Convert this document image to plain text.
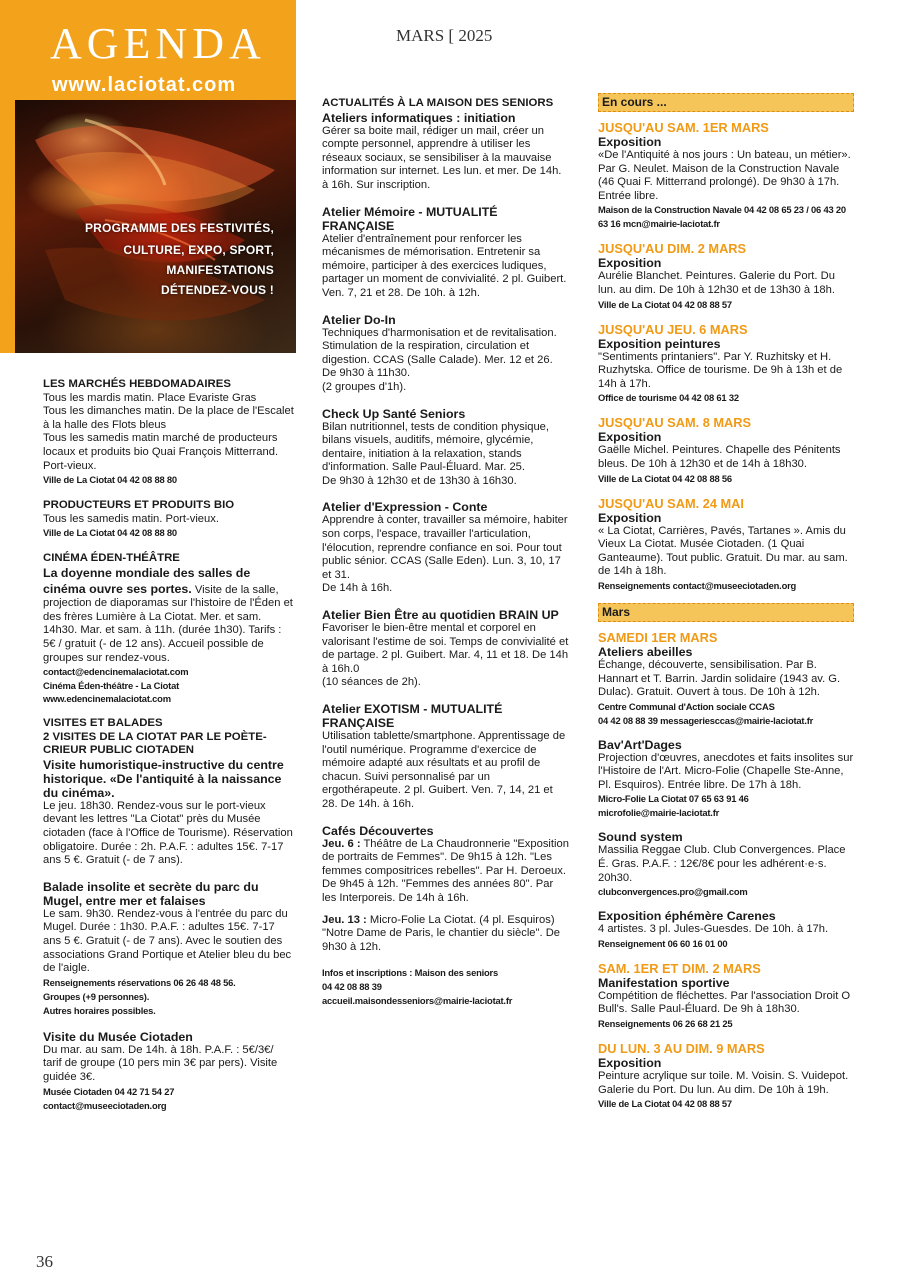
AGENDA
www.laciotat.com
PROGRAMME DES FESTIVITÉS,
CULTURE, EXPO, SPORT,
MANIFESTATIONS
DÉTENDEZ-VOUS !
MARS [ 2025
36
LES MARCHÉS HEBDOMADAIRES
Tous les mardis matin. Place Evariste Gras
Tous les dimanches matin. De la place de l'Escalet à la halle des Flots bleus
Tous les samedis matin marché de producteurs locaux et produits bio Quai François Mitterrand. Port-vieux.
Ville de La Ciotat 04 42 08 88 80
PRODUCTEURS ET PRODUITS BIO
Tous les samedis matin. Port-vieux.
Ville de La Ciotat 04 42 08 88 80
CINÉMA ÉDEN-THÉÂTRE
La doyenne mondiale des salles de cinéma ouvre ses portes. Visite de la salle, projection de diaporamas sur l'histoire de l'Éden et des frères Lumière à La Ciotat. Mer. et sam. 14h30. Mar. et sam. à 11h. (durée 1h30). Tarifs : 5€ / gratuit (- de 12 ans). Accueil possible de groupes sur rendez-vous.
contact@edencinemalaciotat.com
Cinéma Éden-théâtre - La Ciotat
www.edencinemalaciotat.com
VISITES ET BALADES
2 VISITES DE LA CIOTAT PAR LE POÈTE-CRIEUR PUBLIC CIOTADEN
Visite humoristique-instructive du centre historique. «De l'antiquité à la naissance du cinéma».
Le jeu. 18h30. Rendez-vous sur le port-vieux devant les lettres "La Ciotat" près du Musée ciotaden (face à l'Office de Tourisme). Réservation obligatoire. Durée : 2h. P.A.F. : adultes 15€. 7-17 ans 5 €. Gratuit (- de 7 ans).
Balade insolite et secrète du parc du Mugel, entre mer et falaises
Le sam. 9h30. Rendez-vous à l'entrée du parc du Mugel. Durée : 1h30. P.A.F. : adultes 15€. 7-17 ans 5 €. Gratuit (- de 7 ans). Avec le soutien des associations Grand Portique et Atelier bleu du bec de l'aigle.
Renseignements réservations 06 26 48 48 56.
Groupes (+9 personnes).
Autres horaires possibles.
Visite du Musée Ciotaden
Du mar. au sam. De 14h. à 18h. P.A.F. : 5€/3€/ tarif de groupe (10 pers min 3€ par pers). Visite guidée 3€.
Musée Ciotaden 04 42 71 54 27
contact@museeciotaden.org
ACTUALITÉS À LA MAISON DES SENIORS
Ateliers informatiques : initiation
Gérer sa boite mail, rédiger un mail, créer un compte personnel, apprendre à utiliser les réseaux sociaux, se sensibiliser à la mauvaise information sur internet. Les lun. et mer. De 14h. à 16h. Sur inscription.
Atelier Mémoire - MUTUALITÉ FRANÇAISE
Atelier d'entraînement pour renforcer les mécanismes de mémorisation. Entretenir sa mémoire, participer à des exercices ludiques, partager un moment de convivialité. 2 pl. Guibert.
Ven. 7, 21 et 28. De 10h. à 12h.
Atelier Do-In
Techniques d'harmonisation et de revitalisation. Stimulation de la respiration, circulation et digestion. CCAS (Salle Calade). Mer. 12 et 26. De 9h30 à 11h30.
(2 groupes d'1h).
Check Up Santé Seniors
Bilan nutritionnel, tests de condition physique, bilans visuels, auditifs, mémoire, glycémie, dentaire, initiation à la relaxation, stands d'information. Salle Paul-Éluard. Mar. 25.
De 9h30 à 12h30 et de 13h30 à 16h30.
Atelier d'Expression - Conte
Apprendre à conter, travailler sa mémoire, habiter son corps, l'espace, travailler l'articulation, l'élocution, reprendre confiance en soi. Pour tout public sénior. CCAS (Salle Eden). Lun. 3, 10, 17 et 31.
De 14h à 16h.
Atelier Bien Être au quotidien BRAIN UP
Favoriser le bien-être mental et corporel en valorisant l'estime de soi. Temps de convivialité et de partage. 2 pl. Guibert. Mar. 4, 11 et 18. De 14h à 16h.0
(10 séances de 2h).
Atelier EXOTISM - MUTUALITÉ FRANÇAISE
Utilisation tablette/smartphone. Apprentissage de l'outil numérique. Programme d'exercice de mémoire adapté aux résultats et au profil de chacun. Suivi personnalisé par un ergothérapeute. 2 pl. Guibert. Ven. 7, 14, 21 et 28. De 14h. à 16h.
Cafés Découvertes
Jeu. 6 : Théâtre de La Chaudronnerie "Exposition de portraits de Femmes". De 9h15 à 12h. "Les femmes compositrices rebelles". Par H. Deroeux. De 9h45 à 12h. "Femmes des années 80". Par les Interporeis. De 14h à 16h.
Jeu. 13 : Micro-Folie La Ciotat. (4 pl. Esquiros) "Notre Dame de Paris, le chantier du siècle". De 9h30 à 12h.
Infos et inscriptions : Maison des seniors
04 42 08 88 39
accueil.maisondesseniors@mairie-laciotat.fr
En cours ...
JUSQU'AU SAM. 1ER MARS
Exposition
«De l'Antiquité à nos jours : Un bateau, un métier». Par G. Neulet. Maison de la Construction Navale (46 Quai F. Mitterrand prolongé). De 9h30 à 17h. Entrée libre.
Maison de la Construction Navale 04 42 08 65 23 / 06 43 20 63 16 mcn@mairie-laciotat.fr
JUSQU'AU DIM. 2 MARS
Exposition
Aurélie Blanchet. Peintures. Galerie du Port. Du lun. au dim. De 10h à 12h30 et de 13h30 à 18h.
Ville de La Ciotat 04 42 08 88 57
JUSQU'AU JEU. 6 MARS
Exposition peintures
"Sentiments printaniers". Par Y. Ruzhitsky et H. Ruzhytska. Office de tourisme. De 9h à 13h et de 14h à 17h.
Office de tourisme 04 42 08 61 32
JUSQU'AU SAM. 8 MARS
Exposition
Gaëlle Michel. Peintures. Chapelle des Pénitents bleus. De 10h à 12h30 et de 14h à 18h30.
Ville de La Ciotat 04 42 08 88 56
JUSQU'AU SAM. 24 MAI
Exposition
« La Ciotat, Carrières, Pavés, Tartanes ». Amis du Vieux La Ciotat. Musée Ciotaden. (1 Quai Ganteaume). Tout public. Gratuit. Du mar. au sam. de 14h à 18h.
Renseignements contact@museeciotaden.org
Mars
SAMEDI 1ER MARS
Ateliers abeilles
Échange, découverte, sensibilisation. Par B. Hannart et T. Barrin. Jardin solidaire (1943 av. G. Dulac). Gratuit. Ouvert à tous. De 10h à 12h.
Centre Communal d'Action sociale CCAS
04 42 08 88 39 messageriesccas@mairie-laciotat.fr
Bav'Art'Dages
Projection d'œuvres, anecdotes et faits insolites sur l'Histoire de l'Art. Micro-Folie (Chapelle Ste-Anne, Pl. Esquiros). Entrée libre. De 17h à 18h.
Micro-Folie La Ciotat 07 65 63 91 46
microfolie@mairie-laciotat.fr
Sound system
Massilia Reggae Club. Club Convergences. Place É. Gras. P.A.F. : 12€/8€ pour les adhérent·e·s. 20h30.
clubconvergences.pro@gmail.com
Exposition éphémère Carenes
4 artistes. 3 pl. Jules-Guesdes. De 10h. à 17h.
Renseignement 06 60 16 01 00
SAM. 1ER ET DIM. 2 MARS
Manifestation sportive
Compétition de fléchettes. Par l'association Droit O Bull's. Salle Paul-Éluard. De 9h à 18h30.
Renseignements 06 26 68 21 25
DU LUN. 3 AU DIM. 9 MARS
Exposition
Peinture acrylique sur toile. M. Voisin. S. Vuidepot. Galerie du Port. Du lun. Au dim. De 10h à 19h.
Ville de La Ciotat 04 42 08 88 57
